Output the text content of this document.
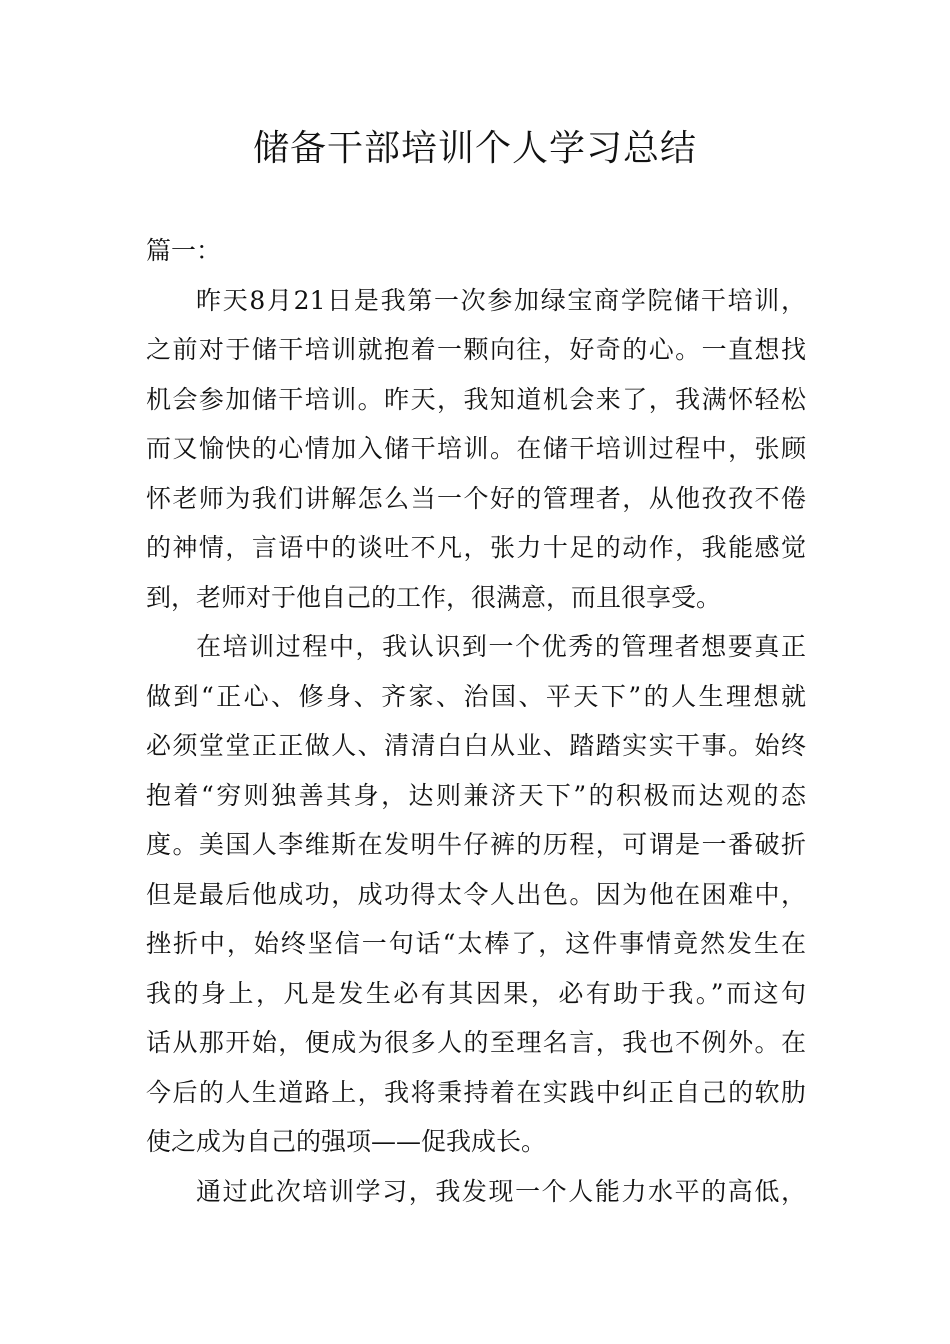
储备干部培训个人学习总结

篇一：

昨天8月21日是我第一次参加绿宝商学院储干培训，
之前对于储干培训就抱着一颗向往，好奇的心。一直想找
机会参加储干培训。昨天，我知道机会来了，我满怀轻松
而又愉快的心情加入储干培训。在储干培训过程中，张顾
怀老师为我们讲解怎么当一个好的管理者，从他孜孜不倦
的神情，言语中的谈吐不凡，张力十足的动作，我能感觉
到，老师对于他自己的工作，很满意，而且很享受。

在培训过程中，我认识到一个优秀的管理者想要真正
做到“正心、修身、齐家、治国、平天下”的人生理想就
必须堂堂正正做人、清清白白从业、踏踏实实干事。始终
抱着“穷则独善其身，达则兼济天下”的积极而达观的态
度。美国人李维斯在发明牛仔裤的历程，可谓是一番破折
但是最后他成功，成功得太令人出色。因为他在困难中，
挫折中，始终坚信一句话“太棒了，这件事情竟然发生在
我的身上，凡是发生必有其因果，必有助于我。”而这句
话从那开始，便成为很多人的至理名言，我也不例外。在
今后的人生道路上，我将秉持着在实践中纠正自己的软肋
使之成为自己的强项——促我成长。

通过此次培训学习，我发现一个人能力水平的高低，
